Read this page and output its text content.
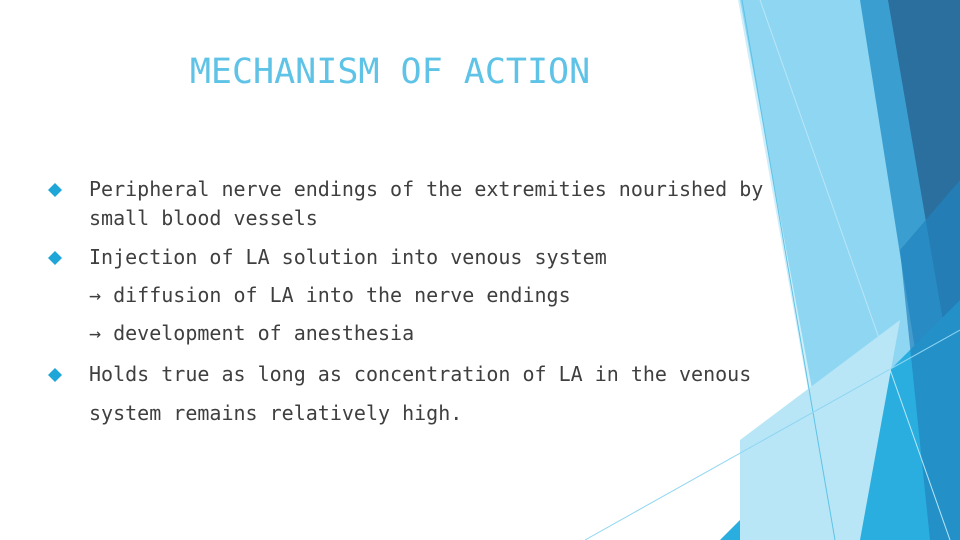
MECHANISM OF ACTION
Peripheral nerve endings of the extremities nourished by
small blood vessels
Injection of LA solution into venous system
→ diffusion of LA into the nerve endings
→ development of anesthesia
Holds true as long as concentration of LA in the venous
system remains relatively high.
